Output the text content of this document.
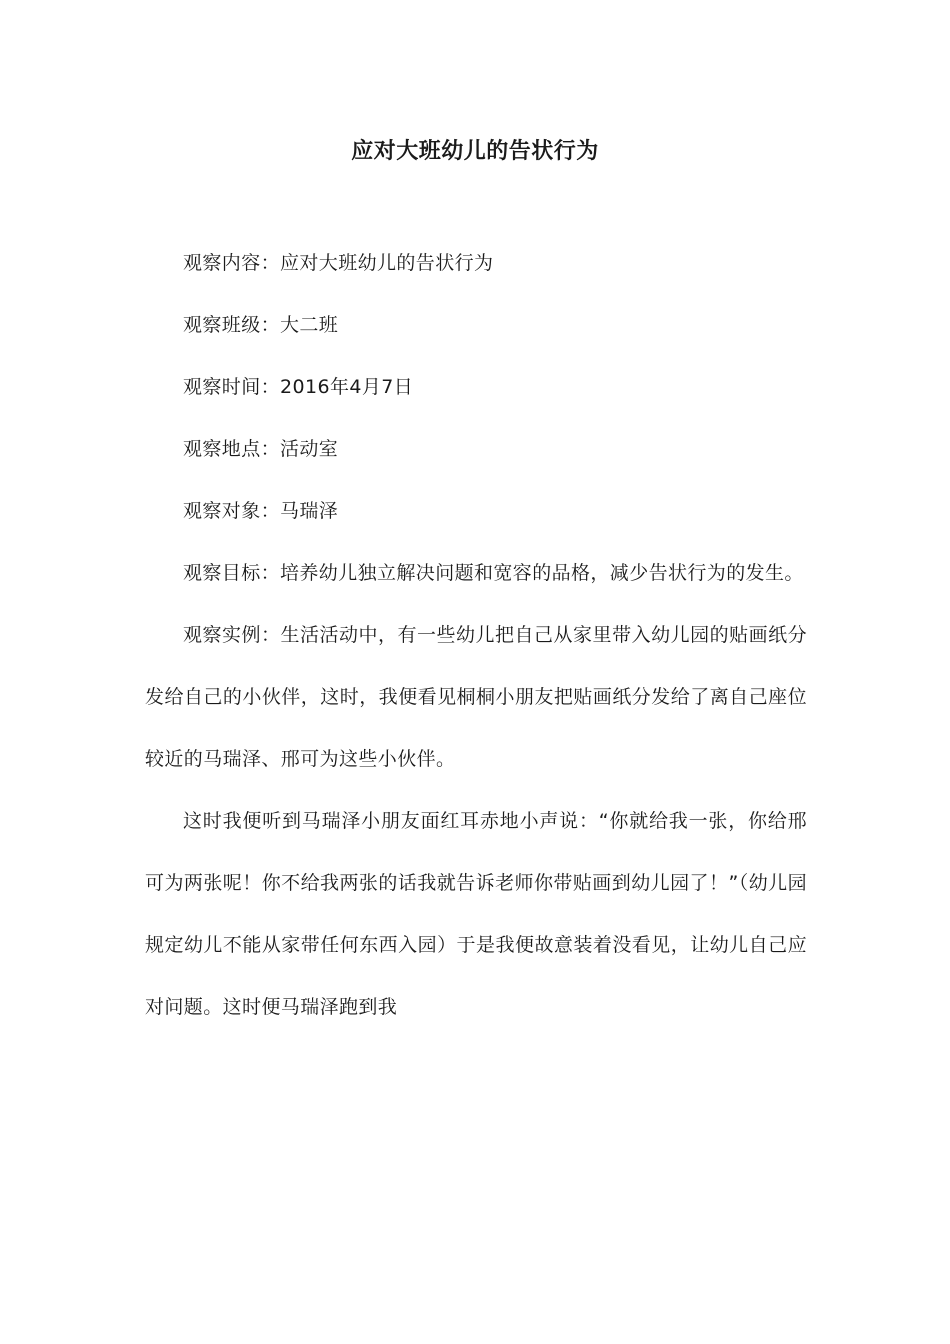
应对大班幼儿的告状行为

观察内容：应对大班幼儿的告状行为

观察班级：大二班

观察时间：2016年4月7日

观察地点：活动室

观察对象：马瑞泽

观察目标：培养幼儿独立解决问题和宽容的品格，减少告状行为的发生。

观察实例：生活活动中，有一些幼儿把自己从家里带入幼儿园的贴画纸分发给自己的小伙伴，这时，我便看见桐桐小朋友把贴画纸分发给了离自己座位较近的马瑞泽、邢可为这些小伙伴。

这时我便听到马瑞泽小朋友面红耳赤地小声说：“你就给我一张，你给邢可为两张呢！你不给我两张的话我就告诉老师你带贴画到幼儿园了！”（幼儿园规定幼儿不能从家带任何东西入园）于是我便故意装着没看见，让幼儿自己应对问题。这时便马瑞泽跑到我
